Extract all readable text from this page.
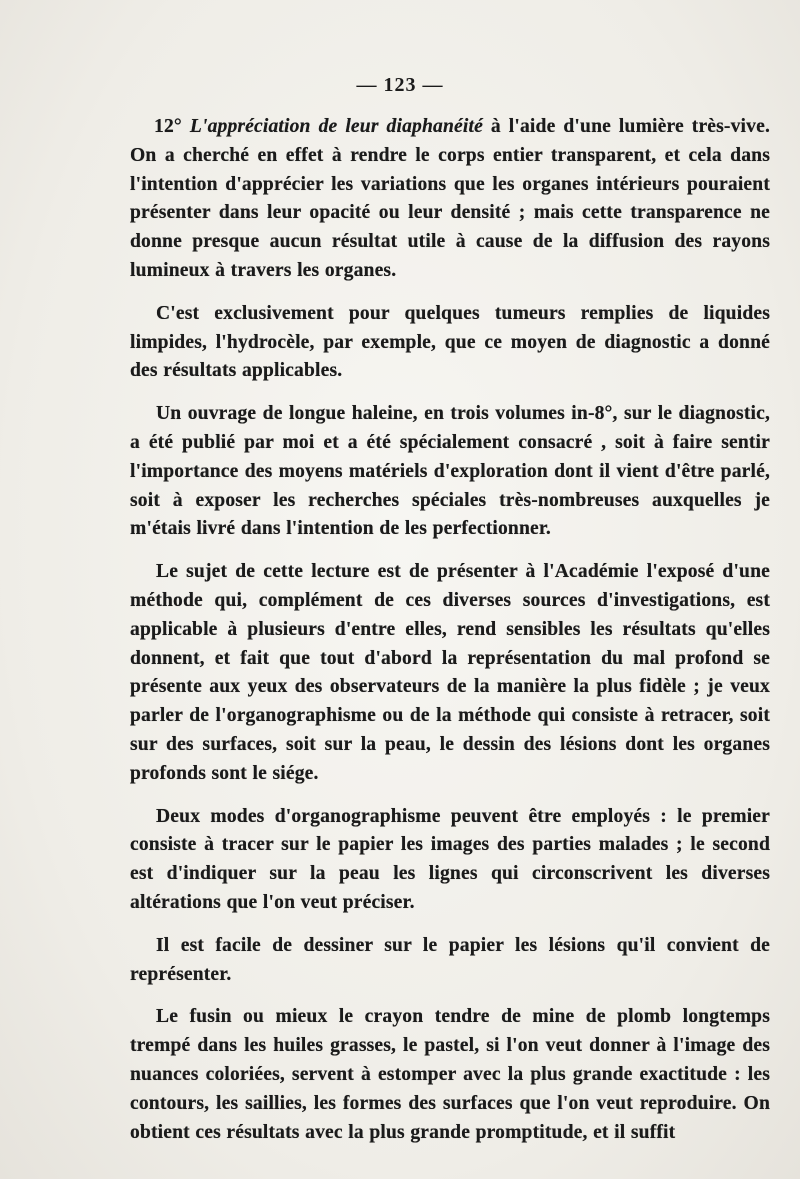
— 123 —

12° L'appréciation de leur diaphanéité à l'aide d'une lumière très-vive. On a cherché en effet à rendre le corps entier transparent, et cela dans l'intention d'apprécier les variations que les organes intérieurs pouraient présenter dans leur opacité ou leur densité ; mais cette transparence ne donne presque aucun résultat utile à cause de la diffusion des rayons lumineux à travers les organes.

C'est exclusivement pour quelques tumeurs remplies de liquides limpides, l'hydrocèle, par exemple, que ce moyen de diagnostic a donné des résultats applicables.

Un ouvrage de longue haleine, en trois volumes in-8°, sur le diagnostic, a été publié par moi et a été spécialement consacré , soit à faire sentir l'importance des moyens matériels d'exploration dont il vient d'être parlé, soit à exposer les recherches spéciales très-nombreuses auxquelles je m'étais livré dans l'intention de les perfectionner.

Le sujet de cette lecture est de présenter à l'Académie l'exposé d'une méthode qui, complément de ces diverses sources d'investigations, est applicable à plusieurs d'entre elles, rend sensibles les résultats qu'elles donnent, et fait que tout d'abord la représentation du mal profond se présente aux yeux des observateurs de la manière la plus fidèle ; je veux parler de l'organographisme ou de la méthode qui consiste à retracer, soit sur des surfaces, soit sur la peau, le dessin des lésions dont les organes profonds sont le siége.

Deux modes d'organographisme peuvent être employés : le premier consiste à tracer sur le papier les images des parties malades ; le second est d'indiquer sur la peau les lignes qui circonscrivent les diverses altérations que l'on veut préciser.

Il est facile de dessiner sur le papier les lésions qu'il convient de représenter.

Le fusin ou mieux le crayon tendre de mine de plomb longtemps trempé dans les huiles grasses, le pastel, si l'on veut donner à l'image des nuances coloriées, servent à estomper avec la plus grande exactitude : les contours, les saillies, les formes des surfaces que l'on veut reproduire. On obtient ces résultats avec la plus grande promptitude, et il suffit
